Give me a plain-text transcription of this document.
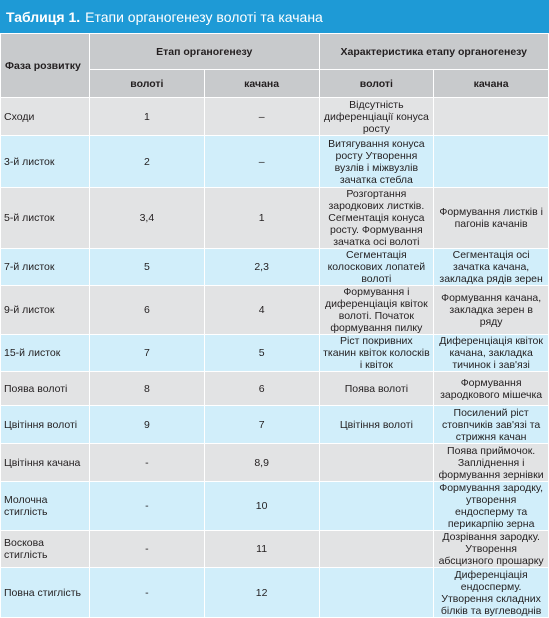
Таблиця 1. Етапи органогенезу волоті та качана
Фаза розвитку	Етап органогенезу		Характеристика етапу органогенезу	
	волоті	качана	волоті	качана
Сходи	1	–	Відсутність диференціації конуса росту	
3-й листок	2	–	Витягування конуса росту Утворення вузлів і міжвузлів зачатка стебла	
5-й листок	3,4	1	Розгортання зародкових листків. Сегментація конуса росту. Формування зачатка осі волоті	Формування листків і пагонів качанів
7-й листок	5	2,3	Сегментація колоскових лопатей волоті	Сегментація осі зачатка качана, закладка рядів зерен
9-й листок	6	4	Формування і диференціація квіток волоті. Початок формування пилку	Формування качана, закладка зерен в ряду
15-й листок	7	5	Ріст покривних тканин квіток колосків і квіток	Диференціація квіток качана, закладка тичинок і зав'язі
Поява волоті	8	6	Поява волоті	Формування зародкового мішечка
Цвітіння волоті	9	7	Цвітіння волоті	Посилений ріст стовпчиків зав'язі та стрижня качан
Цвітіння качана	-	8,9		Поява приймочок. Запліднення і формування зернівки
Молочна стиглість	-	10		Формування зародку, утворення ендосперму та перикарпію зерна
Воскова стиглість	-	11		Дозрівання зародку. Утворення абсцизного прошарку
Повна стиглість	-	12		Диференціація ендосперму. Утворення складних білків та вуглеводнів
